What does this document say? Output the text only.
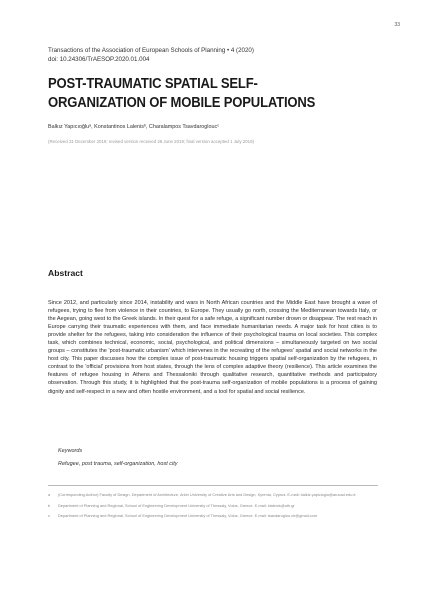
33
Transactions of the Association of European Schools of Planning • 4 (2020)
doi: 10.24306/TrAESOP.2020.01.004
POST-TRAUMATIC SPATIAL SELF-
ORGANIZATION OF MOBILE POPULATIONS
Balkız Yapıcıoğluᵃ, Konstantinos Lalenisᵇ, Charalampos Tsavdarogloucᶜ
(Received 31 December 2019; revised version received 28 June 2019; final version accepted 1 July 2019)
Abstract

Since 2012, and particularly since 2014, instability and wars in North African countries and the Middle East have brought a wave of refugees, trying to flee from violence in their countries, to Europe. They usually go north, crossing the Mediterranean towards Italy, or the Aegean, going west to the Greek islands. In their quest for a safe refuge, a significant number drown or disappear. The rest reach in Europe carrying their traumatic experiences with them, and face immediate humanitarian needs. A major task for host cities is to provide shelter for the refugees, taking into consideration the influence of their psychological trauma on local societies. This complex task, which combines technical, economic, social, psychological, and political dimensions – simultaneously targeted on two social groups – constitutes the 'post-traumatic urbanism' which intervenes in the recreating of the refugees' spatial and social networks in the host city. This paper discusses how the complex issue of post-traumatic housing triggers spatial self-organization by the refugees, in contrast to the 'official' provisions from host states, through the lens of complex adaptive theory (resilience). This article examines the features of refugee housing in Athens and Thessaloniki through qualitative research, quantitative methods and participatory observation. Through this study, it is highlighted that the post-trauma self-organization of mobile populations is a process of gaining dignity and self-respect in a new and often hostile environment, and a tool for spatial and social resilience.

Keywords
Refugee, post trauma, self-organization, host city
a	(Corresponding Author) Faculty of Design, Department of Architecture, Arkin University of Creative Arts and Design, Kyrenia, Cyprus. E-mail: balkiz.yapicioglu@arucad.edu.tr
b	Department of Planning and Regional, School of Engineering Development University of Thessaly, Volos, Greece. E-mail: klalenis@uth.gr
c	Department of Planning and Regional, School of Engineering Development University of Thessaly, Volos, Greece. E-mail: tsavdaroglou.ch@gmail.com
